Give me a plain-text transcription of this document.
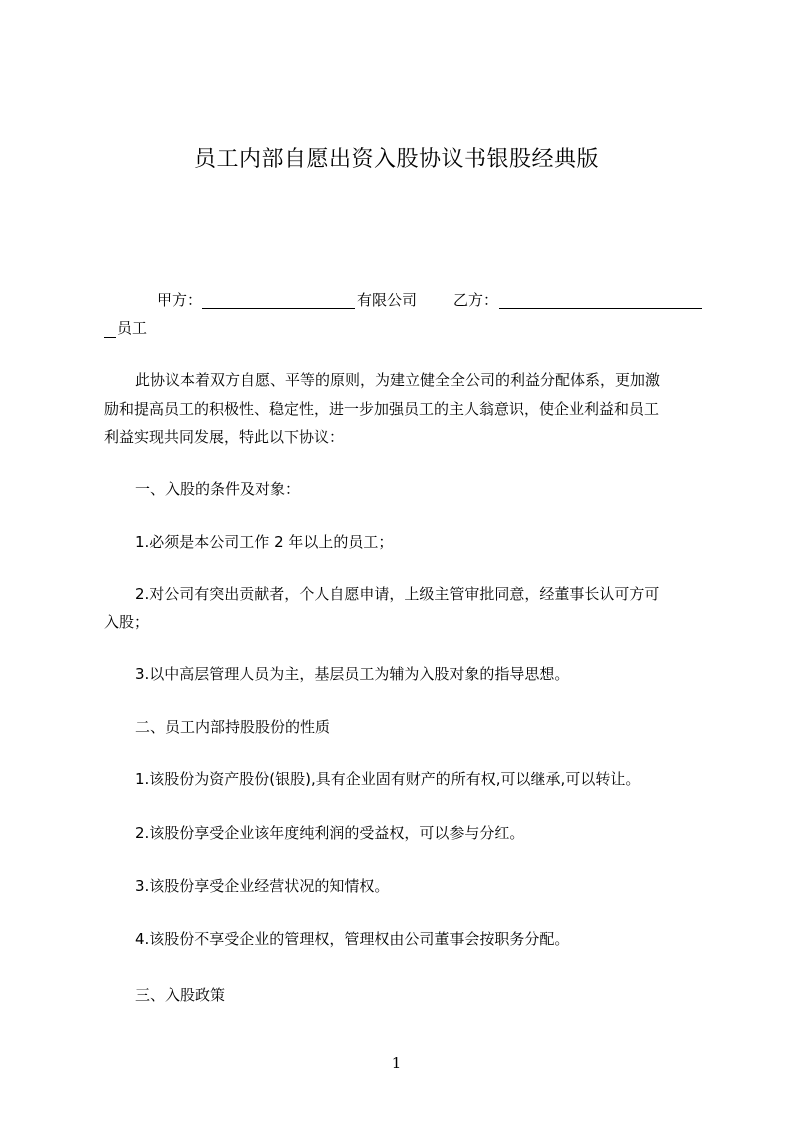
员工内部自愿出资入股协议书银股经典版
甲方：	有限公司 乙方：
员工
此协议本着双方自愿、平等的原则，为建立健全全公司的利益分配体系，更加激
励和提高员工的积极性、稳定性，进一步加强员工的主人翁意识，使企业利益和员工
利益实现共同发展，特此以下协议：
一、入股的条件及对象：
1.必须是本公司工作 2 年以上的员工；
2.对公司有突出贡献者，个人自愿申请，上级主管审批同意，经董事长认可方可
入股；
3.以中高层管理人员为主，基层员工为辅为入股对象的指导思想。
二、员工内部持股股份的性质
1.该股份为资产股份(银股),具有企业固有财产的所有权,可以继承,可以转让。
2.该股份享受企业该年度纯利润的受益权，可以参与分红。
3.该股份享受企业经营状况的知情权。
4.该股份不享受企业的管理权，管理权由公司董事会按职务分配。
三、入股政策
1
